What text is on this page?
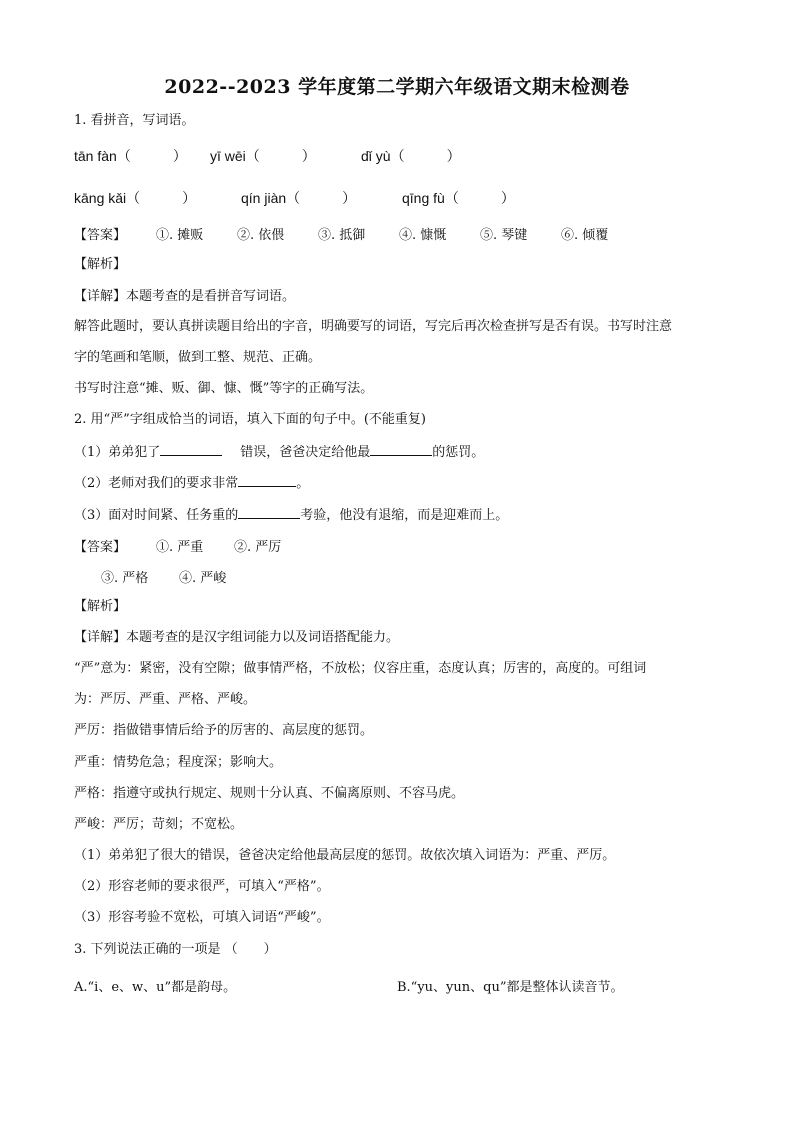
2022--2023 学年度第二学期六年级语文期末检测卷
1. 看拼音，写词语。
tān fàn（　　　） yī wēi（　　　）	dǐ yù（　　　）
kāng kǎi（　　　）	qín jiàn（　　　）	qīng fù（　　　）
【答案】 ①. 摊贩	②. 依偎	③. 抵御	④. 慷慨	⑤. 琴键	⑥. 倾覆
【解析】
【详解】本题考查的是看拼音写词语。
解答此题时，要认真拼读题目给出的字音，明确要写的词语，写完后再次检查拼写是否有误。书写时注意
字的笔画和笔顺，做到工整、规范、正确。
书写时注意“摊、贩、御、慷、慨”等字的正确写法。
2. 用“严”字组成恰当的词语，填入下面的句子中。(不能重复)
（1）弟弟犯了	错误，爸爸决定给他最	的惩罚。
（2）老师对我们的要求非常	。
（3）面对时间紧、任务重的	考验，他没有退缩，而是迎难而上。
【答案】 ①. 严重 ②. 严厉
③. 严格 ④. 严峻
【解析】
【详解】本题考查的是汉字组词能力以及词语搭配能力。
“严”意为：紧密，没有空隙；做事情严格，不放松；仪容庄重，态度认真；厉害的，高度的。可组词
为：严厉、严重、严格、严峻。
严厉：指做错事情后给予的厉害的、高层度的惩罚。
严重：情势危急；程度深；影响大。
严格：指遵守或执行规定、规则十分认真、不偏离原则、不容马虎。
严峻：严厉；苛刻；不宽松。
（1）弟弟犯了很大的错误，爸爸决定给他最高层度的惩罚。故依次填入词语为：严重、严厉。
（2）形容老师的要求很严，可填入“严格”。
（3）形容考验不宽松，可填入词语“严峻”。
3. 下列说法正确的一项是 （　　）
A.“i、e、w、u”都是韵母。	B.“yu、yun、qu”都是整体认读音节。
